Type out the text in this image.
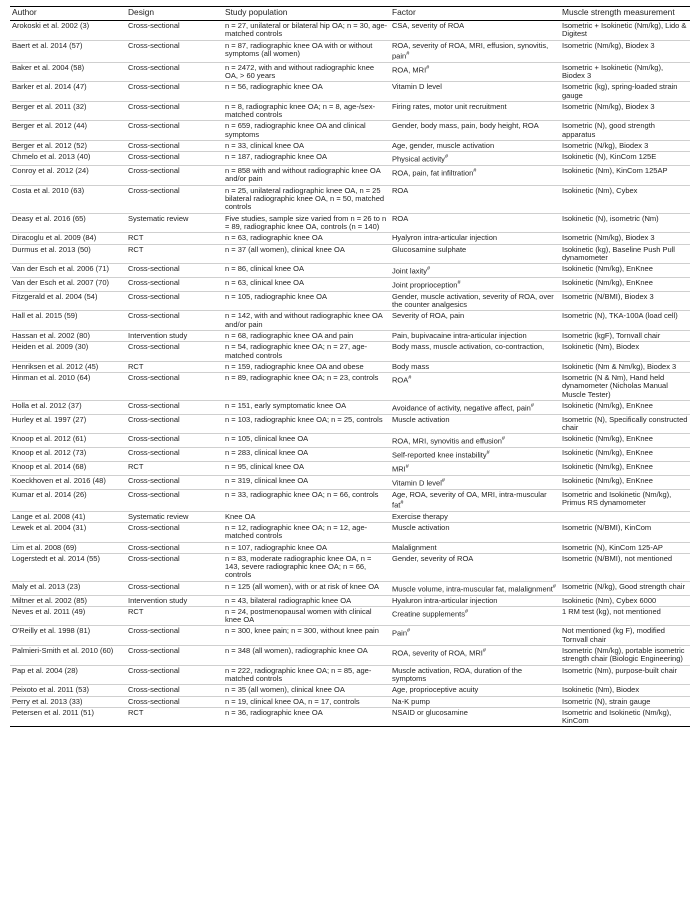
Author	Design	Study population	Factor	Muscle strength measurement
Arokoski et al. 2002 (3)	Cross-sectional	n = 27, unilateral or bilateral hip OA; n = 30, age-matched controls	CSA, severity of ROA	Isometric + Isokinetic (Nm/kg), Lido & Digitest
Baert et al. 2014 (57)	Cross-sectional	n = 87, radiographic knee OA with or without symptoms (all women)	ROA, severity of ROA, MRI, effusion, synovitis, pain#	Isometric (Nm/kg), Biodex 3
Baker et al. 2004 (58)	Cross-sectional	n = 2472, with and without radiographic knee OA, > 60 years	ROA, MRI#	Isometric + Isokinetic (Nm/kg), Biodex 3
Barker et al. 2014 (47)	Cross-sectional	n = 56, radiographic knee OA	Vitamin D level	Isometric (kg), spring-loaded strain gauge
Berger et al. 2011 (32)	Cross-sectional	n = 8, radiographic knee OA; n = 8, age-/sex-matched controls	Firing rates, motor unit recruitment	Isometric (Nm/kg), Biodex 3
Berger et al. 2012 (44)	Cross-sectional	n = 659, radiographic knee OA and clinical symptoms	Gender, body mass, pain, body height, ROA	Isometric (N), good strength apparatus
Berger et al. 2012 (52)	Cross-sectional	n = 33, clinical knee OA	Age, gender, muscle activation	Isometric (N/kg), Biodex 3
Chmelo et al. 2013 (40)	Cross-sectional	n = 187, radiographic knee OA	Physical activity#	Isokinetic (N), KinCom 125E
Conroy et al. 2012 (24)	Cross-sectional	n = 858 with and without radiographic knee OA and/or pain	ROA, pain, fat infiltration#	Isokinetic (Nm), KinCom 125AP
Costa et al. 2010 (63)	Cross-sectional	n = 25, unilateral radiographic knee OA, n = 25 bilateral radiographic knee OA, n = 50, matched controls	ROA	Isokinetic (Nm), Cybex
Deasy et al. 2016 (65)	Systematic review	Five studies, sample size varied from n = 26 to n = 89, radiographic knee OA, controls (n = 140)	ROA	Isokinetic (N), isometric (Nm)
Diracoglu et al. 2009 (84)	RCT	n = 63, radiographic knee OA	Hyalyron intra-articular injection	Isometric (Nm/kg), Biodex 3
Durmus et al. 2013 (50)	RCT	n = 37 (all women), clinical knee OA	Glucosamine sulphate	Isokinetic (kg), Baseline Push Pull dynamometer
Van der Esch et al. 2006 (71)	Cross-sectional	n = 86, clinical knee OA	Joint laxity#	Isokinetic (Nm/kg), EnKnee
Van der Esch et al. 2007 (70)	Cross-sectional	n = 63, clinical knee OA	Joint proprioception#	Isokinetic (Nm/kg), EnKnee
Fitzgerald et al. 2004 (54)	Cross-sectional	n = 105, radiographic knee OA	Gender, muscle activation, severity of ROA, over the counter analgesics	Isometric (N/BMI), Biodex 3
Hall et al. 2015 (59)	Cross-sectional	n = 142, with and without radiographic knee OA and/or pain	Severity of ROA, pain	Isometric (N), TKA-100A (load cell)
Hassan et al. 2002 (80)	Intervention study	n = 68, radiographic knee OA and pain	Pain, bupivacaine intra-articular injection	Isometric (kgF), Tornvall chair
Heiden et al. 2009 (30)	Cross-sectional	n = 54, radiographic knee OA; n = 27, age-matched controls	Body mass, muscle activation, co-contraction,	Isokinetic (Nm), Biodex
Henriksen et al. 2012 (45)	RCT	n = 159, radiographic knee OA and obese	Body mass	Isokinetic (Nm & Nm/kg), Biodex 3
Hinman et al. 2010 (64)	Cross-sectional	n = 89, radiographic knee OA; n = 23, controls	ROA#	Isometric (N & Nm), Hand held dynamometer (Nicholas Manual Muscle Tester)
Holla et al. 2012 (37)	Cross-sectional	n = 151, early symptomatic knee OA	Avoidance of activity, negative affect, pain#	Isokinetic (Nm/kg), EnKnee
Hurley et al. 1997 (27)	Cross-sectional	n = 103, radiographic knee OA; n = 25, controls	Muscle activation	Isometric (N), Specifically constructed chair
Knoop et al. 2012 (61)	Cross-sectional	n = 105, clinical knee OA	ROA, MRI, synovitis and effusion#	Isokinetic (Nm/kg), EnKnee
Knoop et al. 2012 (73)	Cross-sectional	n = 283, clinical knee OA	Self-reported knee instability#	Isokinetic (Nm/kg), EnKnee
Knoop et al. 2014 (68)	RCT	n = 95, clinical knee OA	MRI#	Isokinetic (Nm/kg), EnKnee
Koeckhoven et al. 2016 (48)	Cross-sectional	n = 319, clinical knee OA	Vitamin D level#	Isokinetic (Nm/kg), EnKnee
Kumar et al. 2014 (26)	Cross-sectional	n = 33, radiographic knee OA; n = 66, controls	Age, ROA, severity of OA, MRI, intra-muscular fat#	Isometric and Isokinetic (Nm/kg), Primus RS dynamometer
Lange et al. 2008 (41)	Systematic review	Knee OA	Exercise therapy	
Lewek et al. 2004 (31)	Cross-sectional	n = 12, radiographic knee OA; n = 12, age-matched controls	Muscle activation	Isometric (N/BMI), KinCom
Lim et al. 2008 (69)	Cross-sectional	n = 107, radiographic knee OA	Malalignment	Isometric (N), KinCom 125-AP
Logerstedt et al. 2014 (55)	Cross-sectional	n = 83, moderate radiographic knee OA, n = 143, severe radiographic knee OA; n = 66, controls	Gender, severity of ROA	Isometric (N/BMI), not mentioned
Maly et al. 2013 (23)	Cross-sectional	n = 125 (all women), with or at risk of knee OA	Muscle volume, intra-muscular fat, malalignment#	Isometric (N/kg), Good strength chair
Miltner et al. 2002 (85)	Intervention study	n = 43, bilateral radiographic knee OA	Hyaluron intra-articular injection	Isokinetic (Nm), Cybex 6000
Neves et al. 2011 (49)	RCT	n = 24, postmenopausal women with clinical knee OA	Creatine supplements#	1 RM test (kg), not mentioned
O'Reilly et al. 1998 (81)	Cross-sectional	n = 300, knee pain; n = 300, without knee pain	Pain#	Not mentioned (kg F), modified Tornvall chair
Palmieri-Smith et al. 2010 (60)	Cross-sectional	n = 348 (all women), radiographic knee OA	ROA, severity of ROA, MRI#	Isometric (Nm/kg), portable isometric strength chair (Biologic Engineering)
Pap et al. 2004 (28)	Cross-sectional	n = 222, radiographic knee OA; n = 85, age-matched controls	Muscle activation, ROA, duration of the symptoms	Isometric (Nm), purpose-built chair
Peixoto et al. 2011 (53)	Cross-sectional	n = 35 (all women), clinical knee OA	Age, proprioceptive acuity	Isokinetic (Nm), Biodex
Perry et al. 2013 (33)	Cross-sectional	n = 19, clinical knee OA, n = 17, controls	Na-K pump	Isometric (N), strain gauge
Petersen et al. 2011 (51)	RCT	n = 36, radiographic knee OA	NSAID or glucosamine	Isometric and Isokinetic (Nm/kg), KinCom
